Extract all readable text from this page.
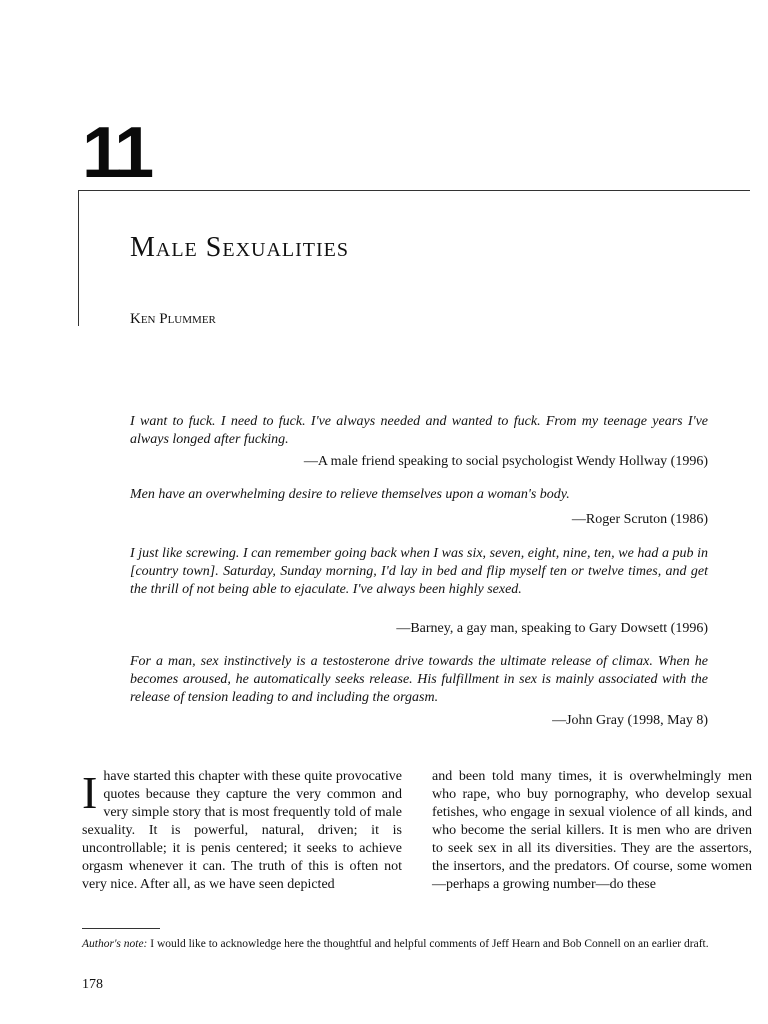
11
Male Sexualities

Ken Plummer

I want to fuck. I need to fuck. I've always needed and wanted to fuck. From my teenage years I've always longed after fucking.

—A male friend speaking to social psychologist Wendy Hollway (1996)

Men have an overwhelming desire to relieve themselves upon a woman's body.

—Roger Scruton (1986)

I just like screwing. I can remember going back when I was six, seven, eight, nine, ten, we had a pub in [country town]. Saturday, Sunday morning, I'd lay in bed and flip myself ten or twelve times, and get the thrill of not being able to ejaculate. I've always been highly sexed.

—Barney, a gay man, speaking to Gary Dowsett (1996)

For a man, sex instinctively is a testosterone drive towards the ultimate release of climax. When he becomes aroused, he automatically seeks release. His fulfillment in sex is mainly associated with the release of tension leading to and including the orgasm.

—John Gray (1998, May 8)

Ihave started this chapter with these quite provocative quotes because they capture the very common and very simple story that is most frequently told of male sexuality. It is powerful, natural, driven; it is uncontrollable; it is penis centered; it seeks to achieve orgasm whenever it can. The truth of this is often not very nice. After all, as we have seen depicted
and been told many times, it is overwhelmingly men who rape, who buy pornography, who develop sexual fetishes, who engage in sexual violence of all kinds, and who become the serial killers. It is men who are driven to seek sex in all its diversities. They are the assertors, the insertors, and the predators. Of course, some women—perhaps a growing number—do these

Author's note: I would like to acknowledge here the thoughtful and helpful comments of Jeff Hearn and Bob Connell on an earlier draft.

178
